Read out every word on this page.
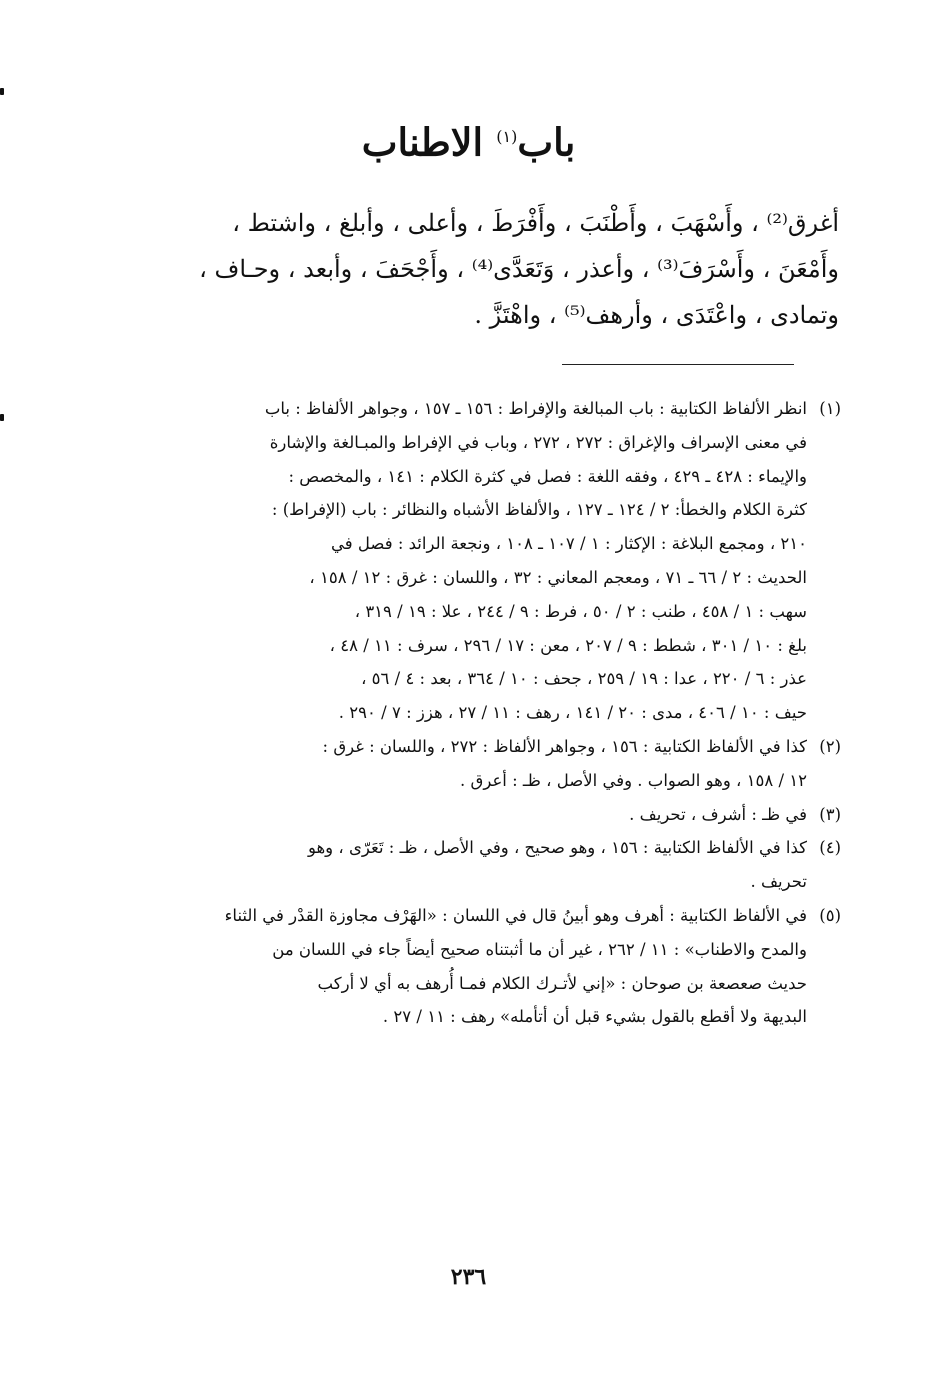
باب$^{(١)}$ الاطناب
أغرق⁽²⁾ ، وأَسْهَبَ ، وأَطْنَبَ ، وأَفْرَطَ ، وأعلى ، وأبلغ ، واشتط ،
وأَمْعَنَ ، وأَسْرَفَ⁽³⁾ ، وأعذر ، وَتَعَدَّى⁽⁴⁾ ، وأَجْحَفَ ، وأبعد ، وحـاف ،
وتمادى ، واعْتَدَى ، وأرهف⁽⁵⁾ ، واهْتَزَّ .
(١)
انظر الألفاظ الكتابية : باب المبالغة والإفراط : ١٥٦ ـ ١٥٧ ، وجواهر الألفاظ : باب
في معنى الإسراف والإغراق : ٢٧٢ ، ٢٧٢ ، وباب في الإفراط والمبـالغة والإشارة
والإيماء : ٤٢٨ ـ ٤٢٩ ، وفقه اللغة : فصل في كثرة الكلام : ١٤١ ، والمخصص :
كثرة الكلام والخطأ: ٢ / ١٢٤ ـ ١٢٧ ، والألفاظ الأشباه والنظائر : باب (الإفراط) :
٢١٠ ، ومجمع البلاغة : الإكثار : ١ / ١٠٧ ـ ١٠٨ ، ونجعة الرائد : فصل في
الحديث : ٢ / ٦٦ ـ ٧١ ، ومعجم المعاني : ٣٢ ، واللسان : غرق : ١٢ / ١٥٨ ،
سهب : ١ / ٤٥٨ ، طنب : ٢ / ٥٠ ، فرط : ٩ / ٢٤٤ ، علا : ١٩ / ٣١٩ ،
بلغ : ١٠ / ٣٠١ ، شطط : ٩ / ٢٠٧ ، معن : ١٧ / ٢٩٦ ، سرف : ١١ / ٤٨ ،
عذر : ٦ / ٢٢٠ ، عدا : ١٩ / ٢٥٩ ، جحف : ١٠ / ٣٦٤ ، بعد : ٤ / ٥٦ ،
حيف : ١٠ / ٤٠٦ ، مدى : ٢٠ / ١٤١ ، رهف : ١١ / ٢٧ ، هزز : ٧ / ٢٩٠ .
(٢)
كذا في الألفاظ الكتابية : ١٥٦ ، وجواهر الألفاظ : ٢٧٢ ، واللسان : غرق :
١٢ / ١٥٨ ، وهو الصواب . وفي الأصل ، ظـ : أعرق .
(٣)
في ظـ : أشرف ، تحريف .
(٤)
كذا في الألفاظ الكتابية : ١٥٦ ، وهو صحيح ، وفي الأصل ، ظـ : تَعَرّى ، وهو
تحريف .
(٥)
في الألفاظ الكتابية : أهرف وهو أبينُ قال في اللسان : «الهَرْف مجاوزة القدْر في الثناء
والمدح والاطناب» : ١١ / ٢٦٢ ، غير أن ما أثبتناه صحيح أيضاً جاء في اللسان من
حديث صعصعة بن صوحان : «إني لأتـرك الكلام فمـا أُرهف به أي لا أركب
البديهة ولا أقطع بالقول بشيء قبل أن أتأمله» رهف : ١١ / ٢٧ .
٢٣٦
